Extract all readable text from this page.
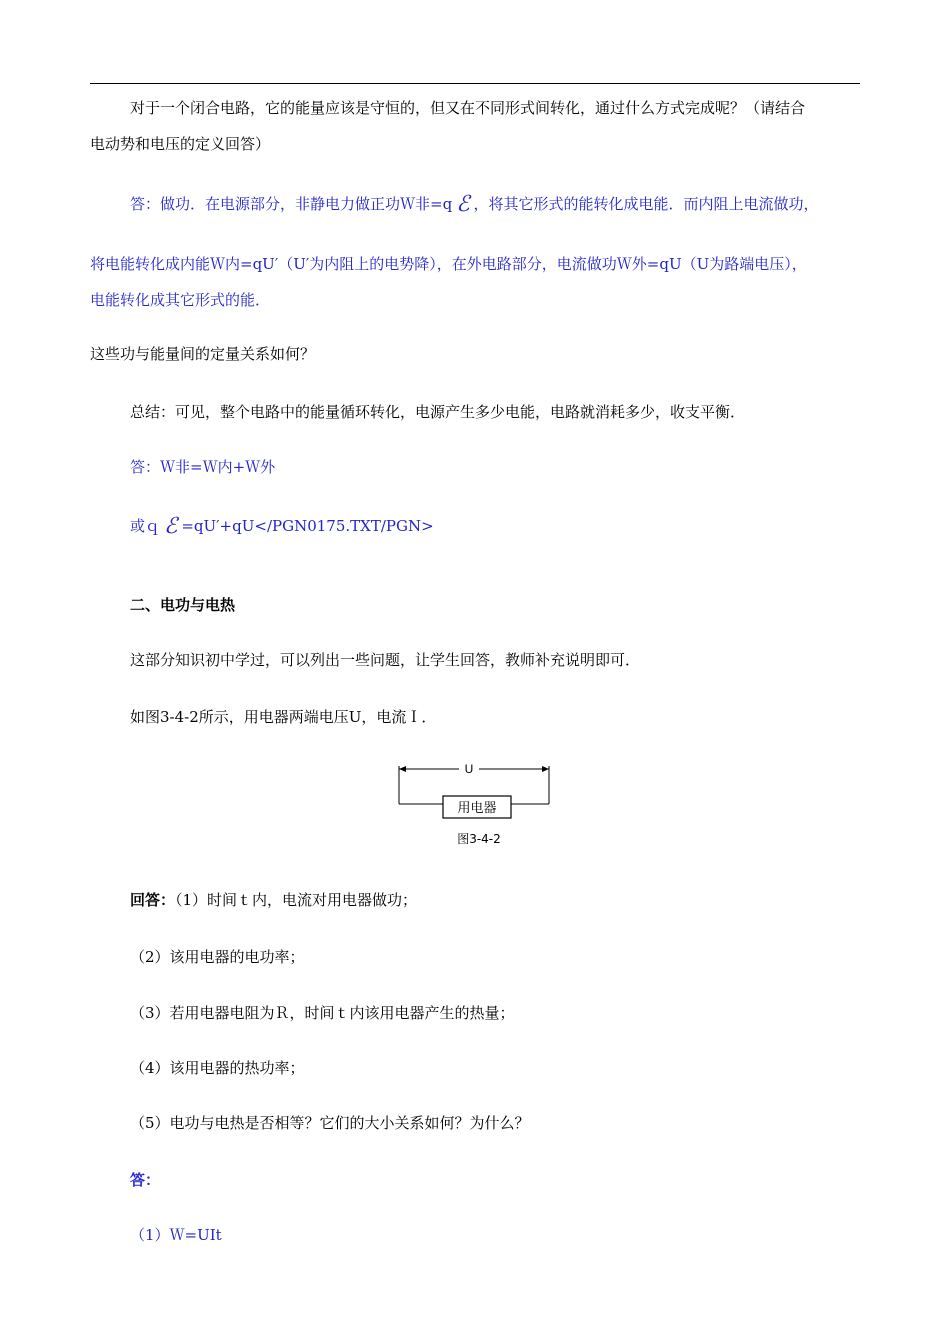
对于一个闭合电路，它的能量应该是守恒的，但又在不同形式间转化，通过什么方式完成呢？（请结合
电动势和电压的定义回答）
答：做功．在电源部分，非静电力做正功Ｗ非=q ℰ ，将其它形式的能转化成电能．而内阻上电流做功，
将电能转化成内能Ｗ内=qU′（U′为内阻上的电势降），在外电路部分，电流做功Ｗ外=qU（U为路端电压），
电能转化成其它形式的能．
这些功与能量间的定量关系如何？
总结：可见，整个电路中的能量循环转化，电源产生多少电能，电路就消耗多少，收支平衡．
答：Ｗ非=Ｗ内+Ｗ外
或ｑ ℰ =qU′+qU</PGN0175.TXT/PGN>
二、电功与电热
这部分知识初中学过，可以列出一些问题，让学生回答，教师补充说明即可．
如图3-4-2所示，用电器两端电压U，电流Ｉ．
U
用电器
图3-4-2
回答：（1）时间ｔ内，电流对用电器做功；
（2）该用电器的电功率；
（3）若用电器电阻为Ｒ，时间ｔ内该用电器产生的热量；
（4）该用电器的热功率；
（5）电功与电热是否相等？它们的大小关系如何？为什么？
答：
（1）Ｗ=UIt
